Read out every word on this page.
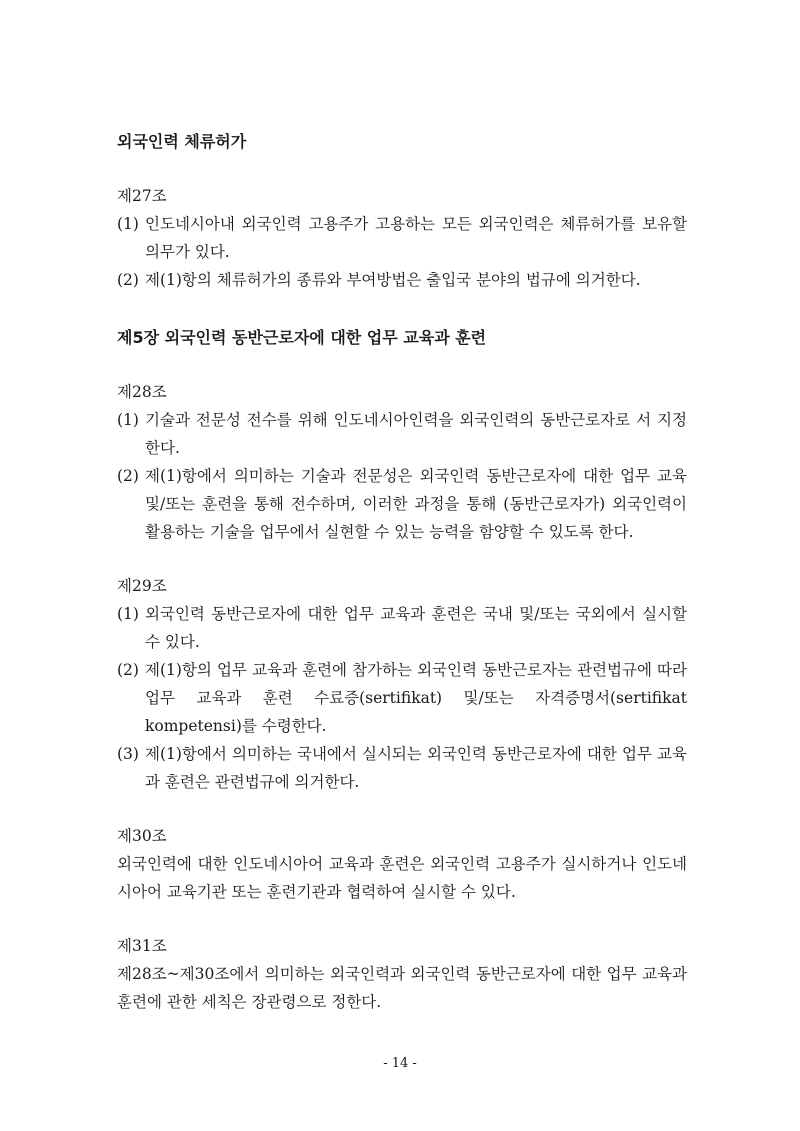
외국인력 체류허가

제27조

(1) 인도네시아내 외국인력 고용주가 고용하는 모든 외국인력은 체류허가를 보유할 의무가 있다.
(2) 제(1)항의 체류허가의 종류와 부여방법은 출입국 분야의 법규에 의거한다.

제5장 외국인력 동반근로자에 대한 업무 교육과 훈련

제28조

(1) 기술과 전문성 전수를 위해 인도네시아인력을 외국인력의 동반근로자로 서 지정한다.
(2) 제(1)항에서 의미하는 기술과 전문성은 외국인력 동반근로자에 대한 업무 교육 및/또는 훈련을 통해 전수하며, 이러한 과정을 통해 (동반근로자가) 외국인력이 활용하는 기술을 업무에서 실현할 수 있는 능력을 함양할 수 있도록 한다.

제29조

(1) 외국인력 동반근로자에 대한 업무 교육과 훈련은 국내 및/또는 국외에서 실시할 수 있다.
(2) 제(1)항의 업무 교육과 훈련에 참가하는 외국인력 동반근로자는 관련법규에 따라 업무 교육과 훈련 수료증(sertifikat) 및/또는 자격증명서(sertifikat kompetensi)를 수령한다.
(3) 제(1)항에서 의미하는 국내에서 실시되는 외국인력 동반근로자에 대한 업무 교육과 훈련은 관련법규에 의거한다.

제30조

외국인력에 대한 인도네시아어 교육과 훈련은 외국인력 고용주가 실시하거나 인도네시아어 교육기관 또는 훈련기관과 협력하여 실시할 수 있다.

제31조

제28조~제30조에서 의미하는 외국인력과 외국인력 동반근로자에 대한 업무 교육과 훈련에 관한 세칙은 장관령으로 정한다.

- 14 -
